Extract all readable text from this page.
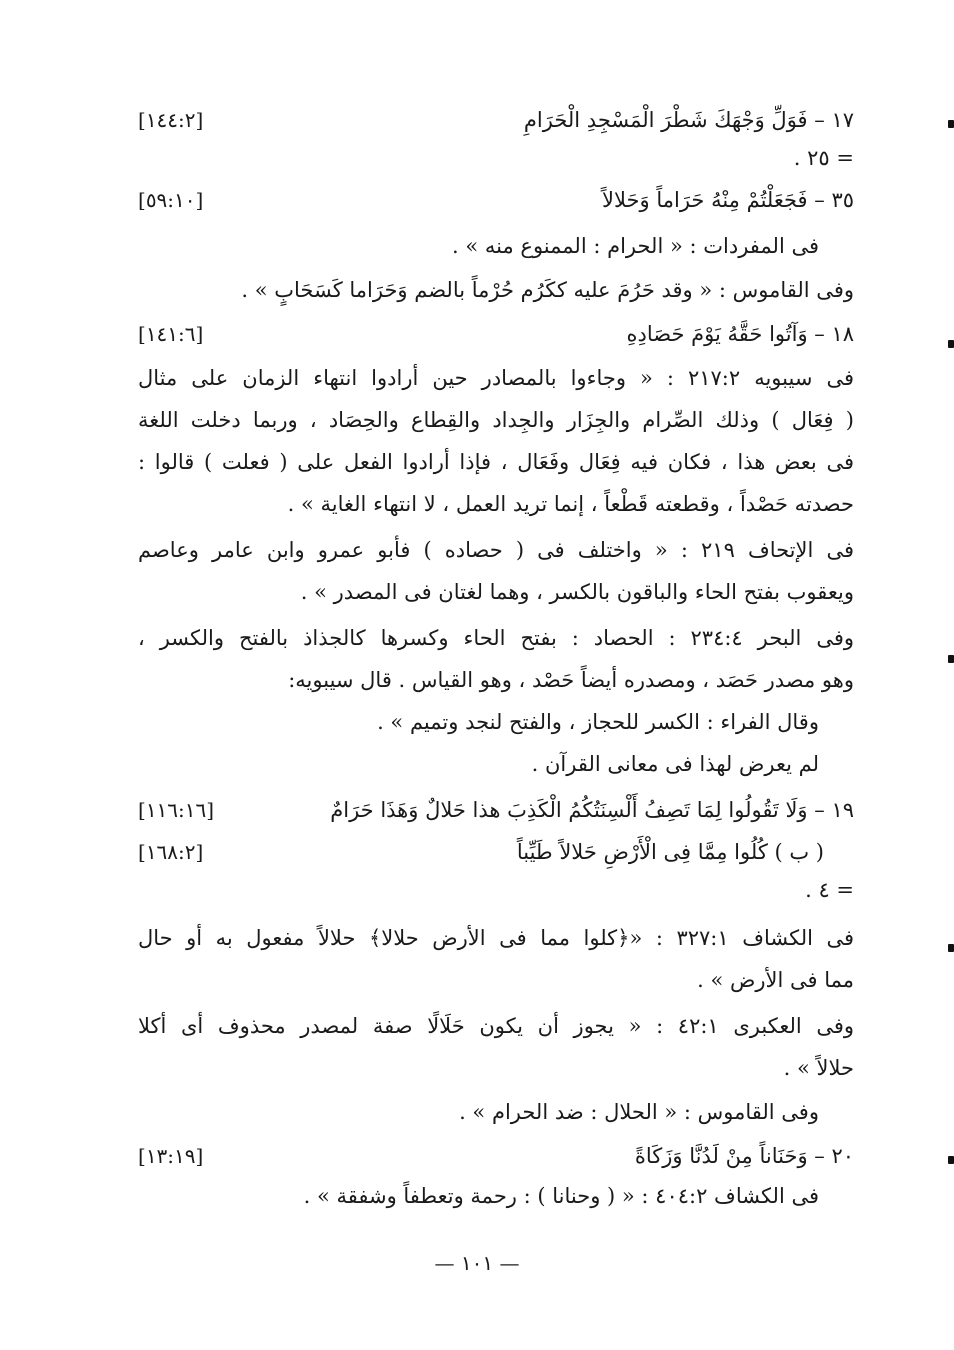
١٧ – فَوَلِّ وَجْهَكَ شَطْرَ الْمَسْجِدِ الْحَرَامِ
[١٤٤:٢]
= ٢٥ .
٣٥ – فَجَعَلْتُمْ مِنْهُ حَرَاماً وَحَلالاً
[٥٩:١٠]
فى المفردات : « الحرام : الممنوع منه » .
وفى القاموس : « وقد حَرُمَ عليه ككَرُم حُرْماً بالضم وَحَرَاما كَسَحَابٍ » .
١٨ – وَآتُوا حَقَّهُ يَوْمَ حَصَادِهِ
[١٤١:٦]
فى سيبويه ٢١٧:٢ : « وجاءوا بالمصادر حين أرادوا انتهاء الزمان على مثال
( فِعَال ) وذلك الصِّرام والجِزَار والجِداد والقِطاع والحِصَاد ، وربما دخلت اللغة
فى بعض هذا ، فكان فيه فِعَال وفَعَال ، فإذا أرادوا الفعل على ( فعلت ) قالوا :
حصدته حَصْداً ، وقطعته قَطْعاً ، إنما تريد العمل ، لا انتهاء الغاية » .
فى الإتحاف ٢١٩ : « واختلف فى ( حصاده ) فأبو عمرو وابن عامر وعاصم
ويعقوب بفتح الحاء والباقون بالكسر ، وهما لغتان فى المصدر » .
وفى البحر ٢٣٤:٤ : الحصاد : بفتح الحاء وكسرها كالجذاذ بالفتح والكسر ،
وهو مصدر حَصَد ، ومصدره أيضاً حَصْد ، وهو القياس . قال سيبويه:
وقال الفراء : الكسر للحجاز ، والفتح لنجد وتميم » .
لم يعرض لهذا فى معانى القرآن .
١٩ – وَلَا تَقُولُوا لِمَا تَصِفُ أَلْسِنَتُكُمُ الْكَذِبَ هذا حَلالٌ وَهَذَا حَرَامٌ
[١١٦:١٦]
( ب ) كُلُوا مِمَّا فِى الْأَرْضِ حَلالاً طَيِّباً
[١٦٨:٢]
= ٤ .
فى الكشاف ٣٢٧:١ : «﴿كلوا مما فى الأرض حلالا﴾ حلالاً مفعول به أو حال
مما فى الأرض » .
وفى العكبرى ٤٢:١ : « يجوز أن يكون حَلَالًا صفة لمصدر محذوف أى أكلا
حلالاً » .
وفى القاموس : « الحلال : ضد الحرام » .
٢٠ – وَحَنَاناً مِنْ لَدُنَّا وَزَكَاةً
[١٣:١٩]
فى الكشاف ٤٠٤:٢ : « ( وحنانا ) : رحمة وتعطفاً وشفقة » .
— ١٠١ —
